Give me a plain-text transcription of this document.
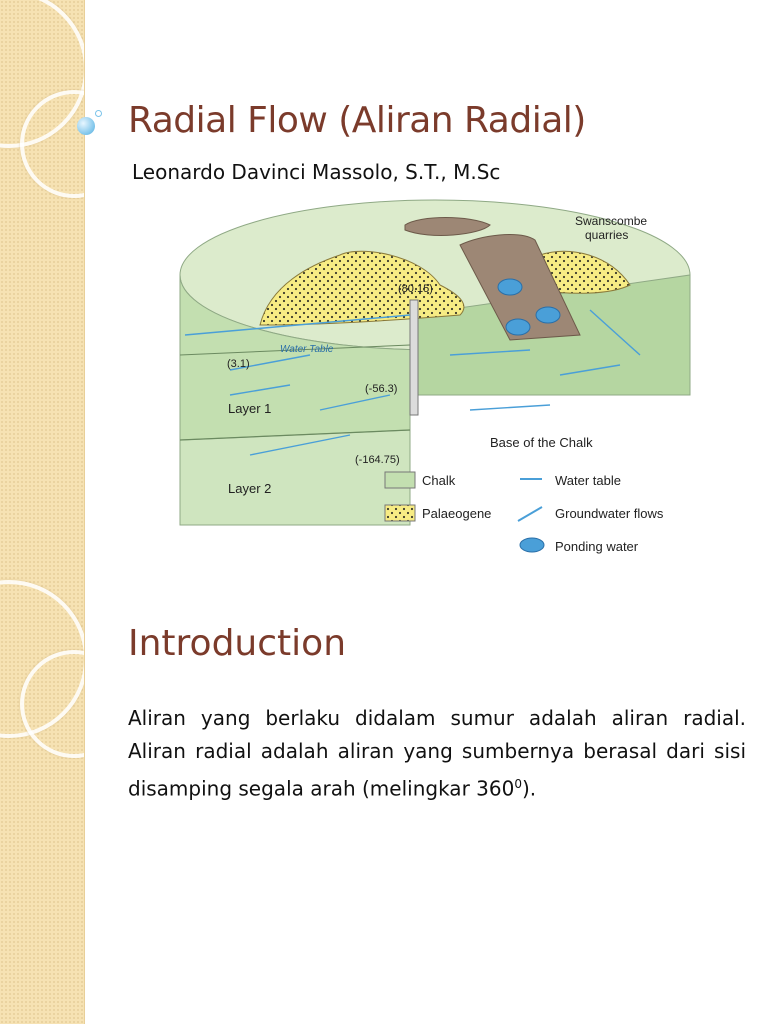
Radial Flow (Aliran Radial)
Leonardo Davinci Massolo, S.T., M.Sc
Swanscombe
quarries
(80.15)
(3.1)
Water Table
Layer 1
(-56.3)
Layer 2
(-164.75)
Base of the Chalk
Chalk	Water table
Palaeogene	Groundwater flows
Ponding water
Introduction

Aliran yang berlaku didalam sumur adalah aliran radial. Aliran radial adalah aliran yang sumbernya berasal dari sisi disamping segala arah (melingkar $360^0$).
